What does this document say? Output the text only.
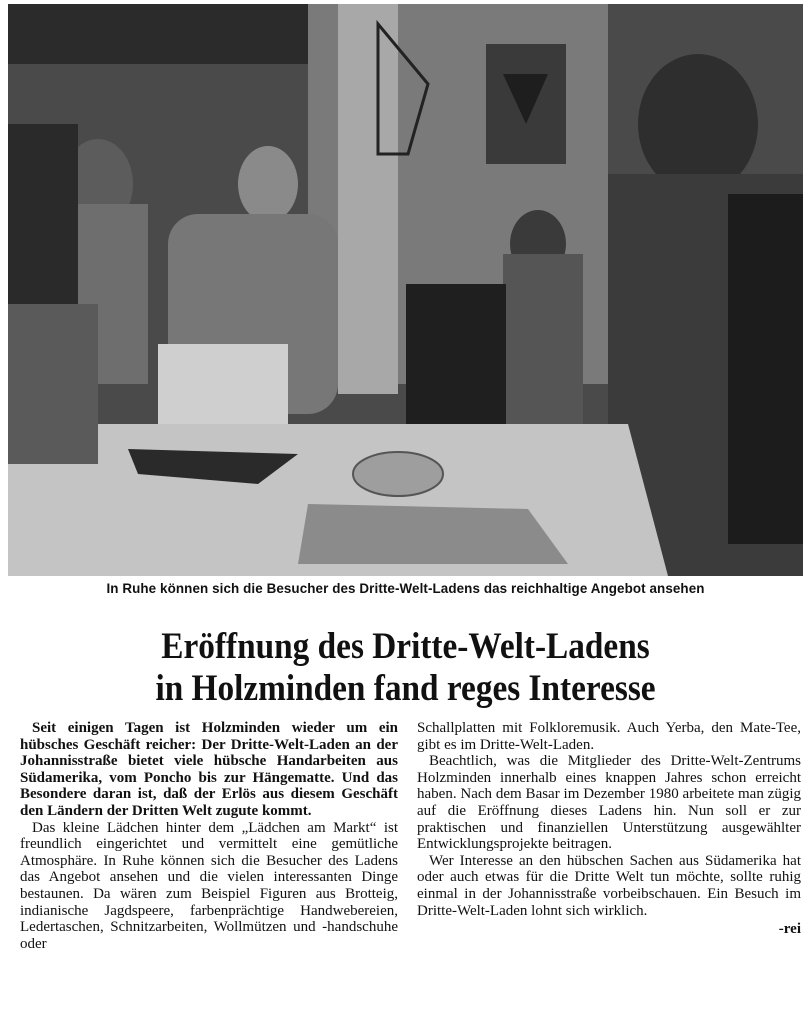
In Ruhe können sich die Besucher des Dritte-Welt-Ladens das reichhaltige Angebot ansehen
Eröffnung des Dritte-Welt-Ladens
in Holzminden fand reges Interesse

Seit einigen Tagen ist Holzminden wieder um ein hübsches Geschäft reicher: Der Dritte-Welt-Laden an der Johannisstraße bietet viele hübsche Handarbeiten aus Südamerika, vom Poncho bis zur Hängematte. Und das Besondere daran ist, daß der Erlös aus diesem Geschäft den Ländern der Dritten Welt zugute kommt.

Das kleine Lädchen hinter dem „Lädchen am Markt“ ist freundlich eingerichtet und vermittelt eine gemütliche Atmosphäre. In Ruhe können sich die Besucher des Ladens das Angebot ansehen und die vielen interessanten Dinge bestaunen. Da wären zum Beispiel Figuren aus Brotteig, indianische Jagdspeere, farbenprächtige Handwebereien, Ledertaschen, Schnitzarbeiten, Wollmützen und -handschuhe oder

Schallplatten mit Folkloremusik. Auch Yerba, den Mate-Tee, gibt es im Dritte-Welt-Laden.

Beachtlich, was die Mitglieder des Dritte-Welt-Zentrums Holzminden innerhalb eines knappen Jahres schon erreicht haben. Nach dem Basar im Dezember 1980 arbeitete man zügig auf die Eröffnung dieses Ladens hin. Nun soll er zur praktischen und finanziellen Unterstützung ausgewählter Entwicklungsprojekte beitragen.

Wer Interesse an den hübschen Sachen aus Südamerika hat oder auch etwas für die Dritte Welt tun möchte, sollte ruhig einmal in der Johannisstraße vorbeibschauen. Ein Besuch im Dritte-Welt-Laden lohnt sich wirklich.

-rei
